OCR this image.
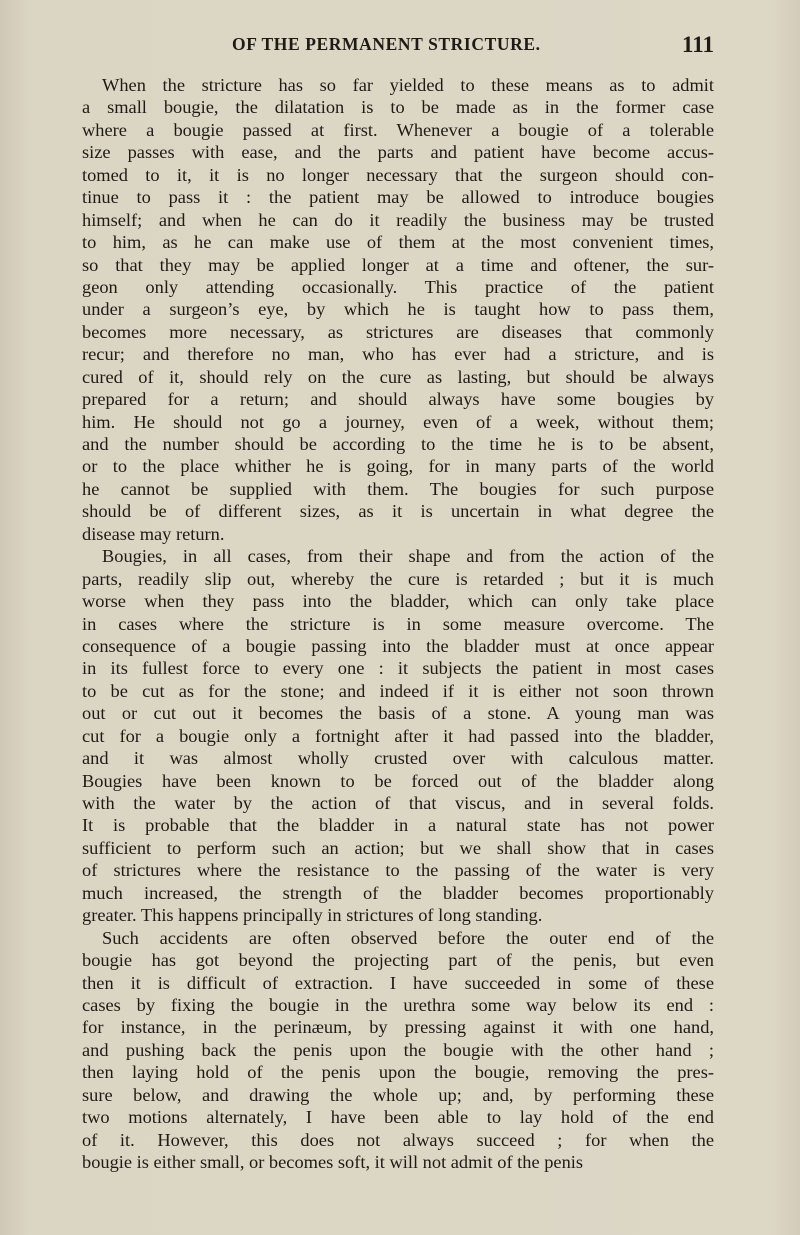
OF THE PERMANENT STRICTURE.	111
When the stricture has so far yielded to these means as to admit
a small bougie, the dilatation is to be made as in the former case
where a bougie passed at first. Whenever a bougie of a tolerable
size passes with ease, and the parts and patient have become accus-
tomed to it, it is no longer necessary that the surgeon should con-
tinue to pass it : the patient may be allowed to introduce bougies
himself; and when he can do it readily the business may be trusted
to him, as he can make use of them at the most convenient times,
so that they may be applied longer at a time and oftener, the sur-
geon only attending occasionally. This practice of the patient
under a surgeon’s eye, by which he is taught how to pass them,
becomes more necessary, as strictures are diseases that commonly
recur; and therefore no man, who has ever had a stricture, and is
cured of it, should rely on the cure as lasting, but should be always
prepared for a return; and should always have some bougies by
him. He should not go a journey, even of a week, without them;
and the number should be according to the time he is to be absent,
or to the place whither he is going, for in many parts of the world
he cannot be supplied with them. The bougies for such purpose
should be of different sizes, as it is uncertain in what degree the
disease may return.
Bougies, in all cases, from their shape and from the action of the
parts, readily slip out, whereby the cure is retarded ; but it is much
worse when they pass into the bladder, which can only take place
in cases where the stricture is in some measure overcome. The
consequence of a bougie passing into the bladder must at once appear
in its fullest force to every one : it subjects the patient in most cases
to be cut as for the stone; and indeed if it is either not soon thrown
out or cut out it becomes the basis of a stone. A young man was
cut for a bougie only a fortnight after it had passed into the bladder,
and it was almost wholly crusted over with calculous matter.
Bougies have been known to be forced out of the bladder along
with the water by the action of that viscus, and in several folds.
It is probable that the bladder in a natural state has not power
sufficient to perform such an action; but we shall show that in cases
of strictures where the resistance to the passing of the water is very
much increased, the strength of the bladder becomes proportionably
greater. This happens principally in strictures of long standing.
Such accidents are often observed before the outer end of the
bougie has got beyond the projecting part of the penis, but even
then it is difficult of extraction. I have succeeded in some of these
cases by fixing the bougie in the urethra some way below its end :
for instance, in the perinæum, by pressing against it with one hand,
and pushing back the penis upon the bougie with the other hand ;
then laying hold of the penis upon the bougie, removing the pres-
sure below, and drawing the whole up; and, by performing these
two motions alternately, I have been able to lay hold of the end
of it. However, this does not always succeed ; for when the
bougie is either small, or becomes soft, it will not admit of the penis
